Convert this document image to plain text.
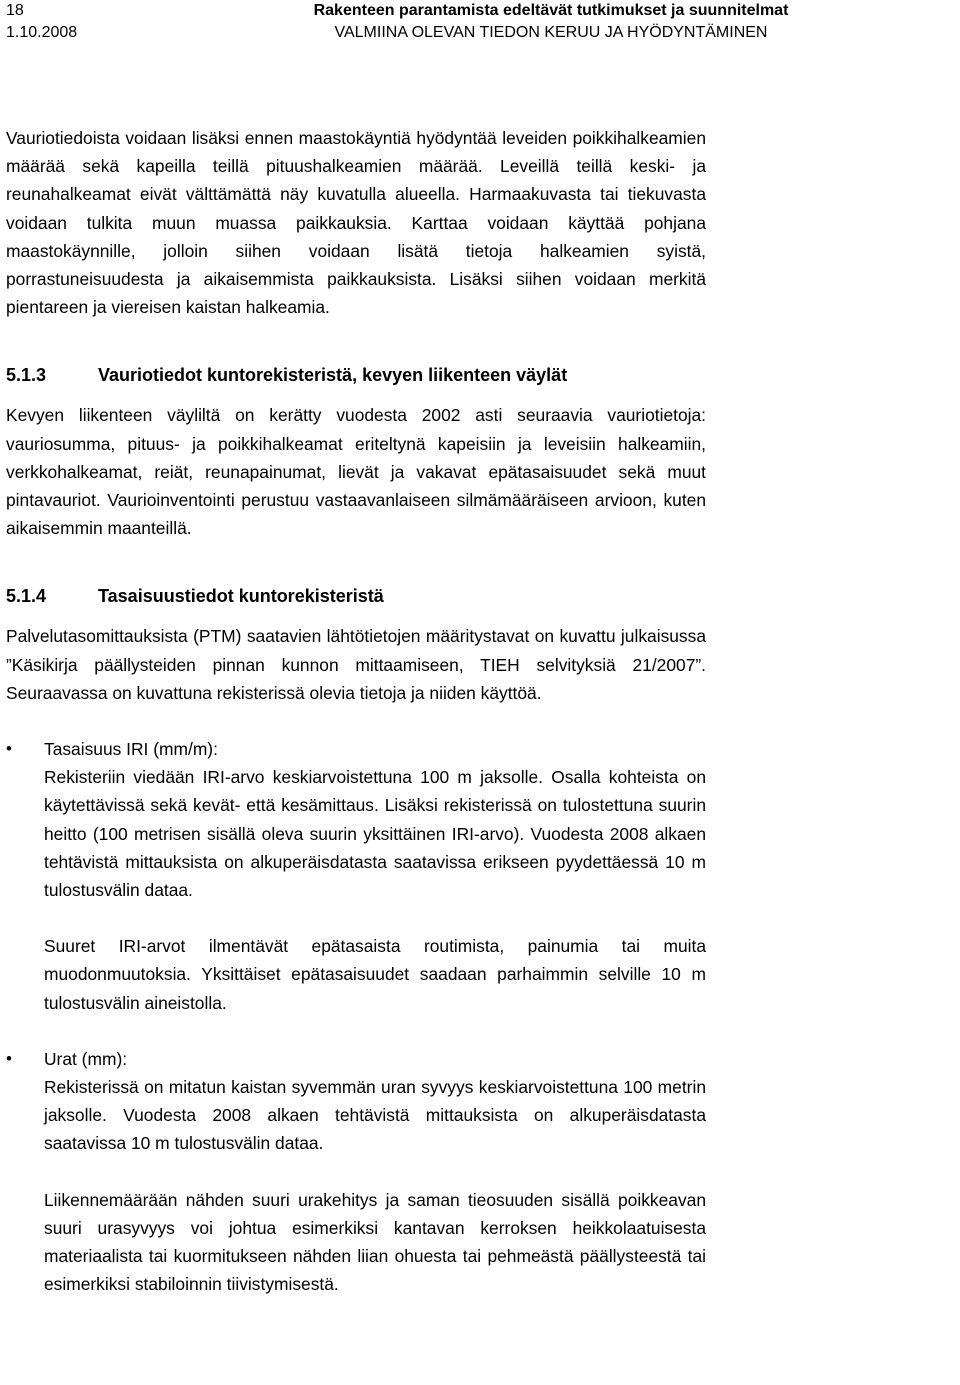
18
1.10.2008
Rakenteen parantamista edeltävät tutkimukset ja suunnitelmat
VALMIINA OLEVAN TIEDON KERUU JA HYÖDYNTÄMINEN

Vauriotiedoista voidaan lisäksi ennen maastokäyntiä hyödyntää leveiden poikkihalkeamien määrää sekä kapeilla teillä pituushalkeamien määrää. Leveillä teillä keski- ja reunahalkeamat eivät välttämättä näy kuvatulla alueella. Harmaakuvasta tai tiekuvasta voidaan tulkita muun muassa paikkauksia. Karttaa voidaan käyttää pohjana maastokäynnille, jolloin siihen voidaan lisätä tietoja halkeamien syistä, porrastuneisuudesta ja aikaisemmista paikkauksista. Lisäksi siihen voidaan merkitä pientareen ja viereisen kaistan halkeamia.

5.1.3	Vauriotiedot kuntorekisteristä, kevyen liikenteen väylät

Kevyen liikenteen väyliltä on kerätty vuodesta 2002 asti seuraavia vauriotietoja: vauriosumma, pituus- ja poikkihalkeamat eriteltynä kapeisiin ja leveisiin halkeamiin, verkkohalkeamat, reiät, reunapainumat, lievät ja vakavat epätasaisuudet sekä muut pintavauriot. Vaurioinventointi perustuu vastaavanlaiseen silmämääräiseen arvioon, kuten aikaisemmin maanteillä.

5.1.4	Tasaisuustiedot kuntorekisteristä

Palvelutasomittauksista (PTM) saatavien lähtötietojen määritystavat on kuvattu julkaisussa ”Käsikirja päällysteiden pinnan kunnon mittaamiseen, TIEH selvityksiä 21/2007”. Seuraavassa on kuvattuna rekisterissä olevia tietoja ja niiden käyttöä.

• Tasaisuus IRI (mm/m):

Rekisteriin viedään IRI-arvo keskiarvoistettuna 100 m jaksolle. Osalla kohteista on käytettävissä sekä kevät- että kesämittaus. Lisäksi rekisterissä on tulostettuna suurin heitto (100 metrisen sisällä oleva suurin yksittäinen IRI-arvo). Vuodesta 2008 alkaen tehtävistä mittauksista on alkuperäisdatasta saatavissa erikseen pyydettäessä 10 m tulostusvälin dataa.

Suuret IRI-arvot ilmentävät epätasaista routimista, painumia tai muita muodonmuutoksia. Yksittäiset epätasaisuudet saadaan parhaimmin selville 10 m tulostusvälin aineistolla.

• Urat (mm):

Rekisterissä on mitatun kaistan syvemmän uran syvyys keskiarvoistettuna 100 metrin jaksolle. Vuodesta 2008 alkaen tehtävistä mittauksista on alkuperäisdatasta saatavissa 10 m tulostusvälin dataa.

Liikennemäärään nähden suuri urakehitys ja saman tieosuuden sisällä poikkeavan suuri urasyvyys voi johtua esimerkiksi kantavan kerroksen heikkolaatuisesta materiaalista tai kuormitukseen nähden liian ohuesta tai pehmeästä päällysteestä tai esimerkiksi stabiloinnin tiivistymisestä.
